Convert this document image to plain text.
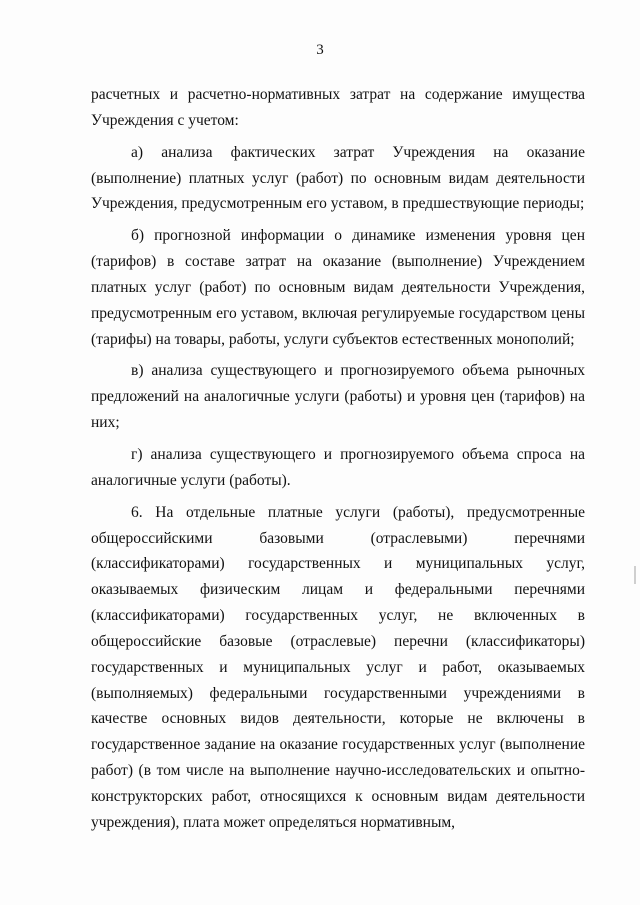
3

расчетных и расчетно-нормативных затрат на содержание имущества Учреждения с учетом:

а) анализа фактических затрат Учреждения на оказание (выполнение) платных услуг (работ) по основным видам деятельности Учреждения, предусмотренным его уставом, в предшествующие периоды;

б) прогнозной информации о динамике изменения уровня цен (тарифов) в составе затрат на оказание (выполнение) Учреждением платных услуг (работ) по основным видам деятельности Учреждения, предусмотренным его уставом, включая регулируемые государством цены (тарифы) на товары, работы, услуги субъектов естественных монополий;

в) анализа существующего и прогнозируемого объема рыночных предложений на аналогичные услуги (работы) и уровня цен (тарифов) на них;

г) анализа существующего и прогнозируемого объема спроса на аналогичные услуги (работы).

6. На отдельные платные услуги (работы), предусмотренные общероссийскими базовыми (отраслевыми) перечнями (классификаторами) государственных и муниципальных услуг, оказываемых физическим лицам и федеральными перечнями (классификаторами) государственных услуг, не включенных в общероссийские базовые (отраслевые) перечни (классификаторы) государственных и муниципальных услуг и работ, оказываемых (выполняемых) федеральными государственными учреждениями в качестве основных видов деятельности, которые не включены в государственное задание на оказание государственных услуг (выполнение работ) (в том числе на выполнение научно-исследовательских и опытно-конструкторских работ, относящихся к основным видам деятельности учреждения), плата может определяться нормативным,
